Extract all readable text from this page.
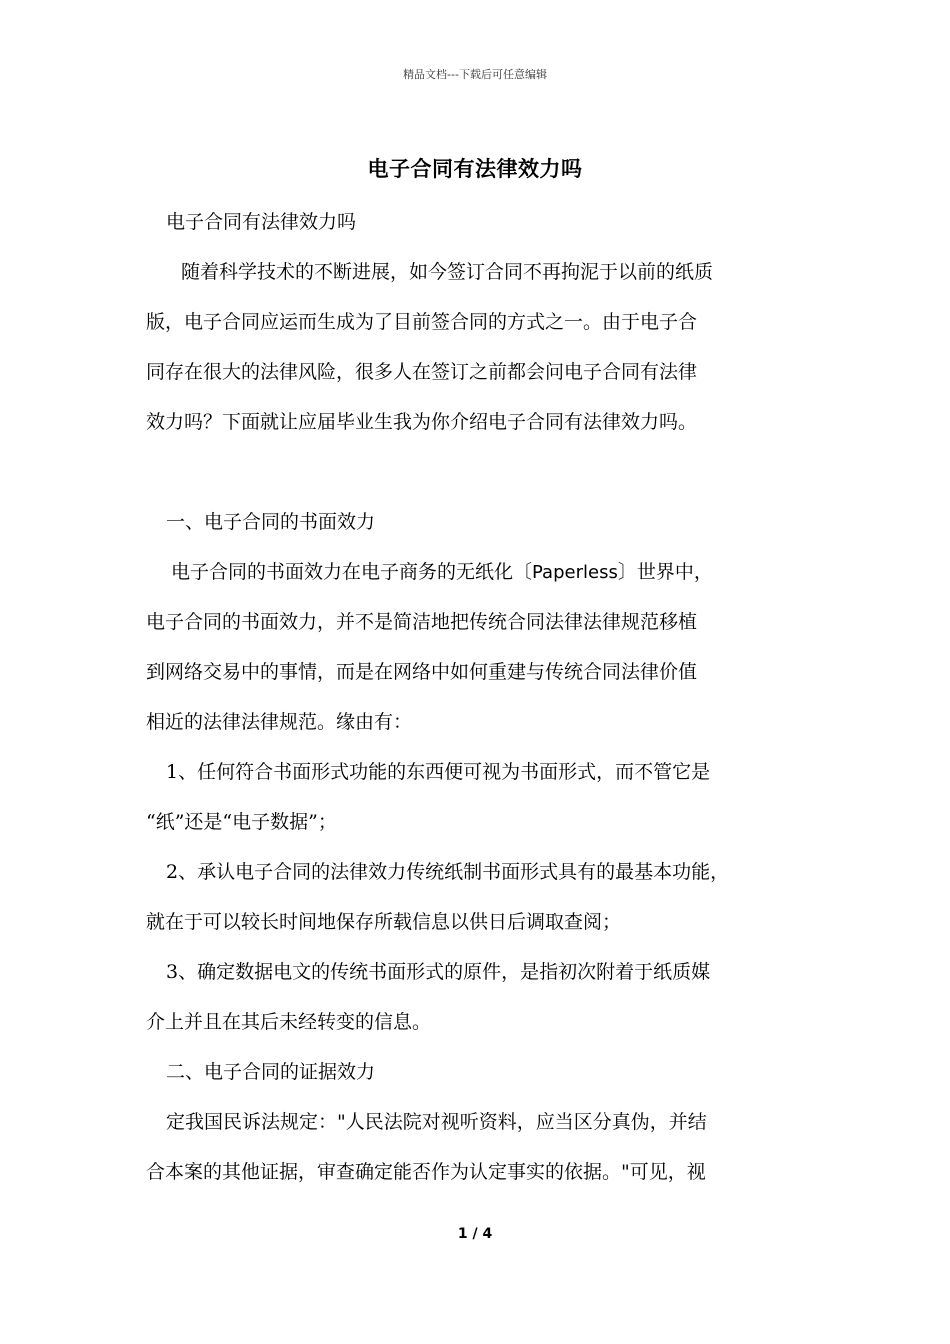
精品文档---下载后可任意编辑
电子合同有法律效力吗
电子合同有法律效力吗
随着科学技术的不断进展，如今签订合同不再拘泥于以前的纸质
版，电子合同应运而生成为了目前签合同的方式之一。由于电子合
同存在很大的法律风险，很多人在签订之前都会问电子合同有法律
效力吗？下面就让应届毕业生我为你介绍电子合同有法律效力吗。
一、电子合同的书面效力
电子合同的书面效力在电子商务的无纸化〔Paperless〕世界中，
电子合同的书面效力，并不是简洁地把传统合同法律法律规范移植
到网络交易中的事情，而是在网络中如何重建与传统合同法律价值
相近的法律法律规范。缘由有：
1、任何符合书面形式功能的东西便可视为书面形式，而不管它是
“纸”还是“电子数据”；
2、承认电子合同的法律效力传统纸制书面形式具有的最基本功能，
就在于可以较长时间地保存所载信息以供日后调取查阅；
3、确定数据电文的传统书面形式的原件，是指初次附着于纸质媒
介上并且在其后未经转变的信息。
二、电子合同的证据效力
定我国民诉法规定："人民法院对视听资料，应当区分真伪，并结
合本案的其他证据，审查确定能否作为认定事实的依据。"可见，视
1 / 4
